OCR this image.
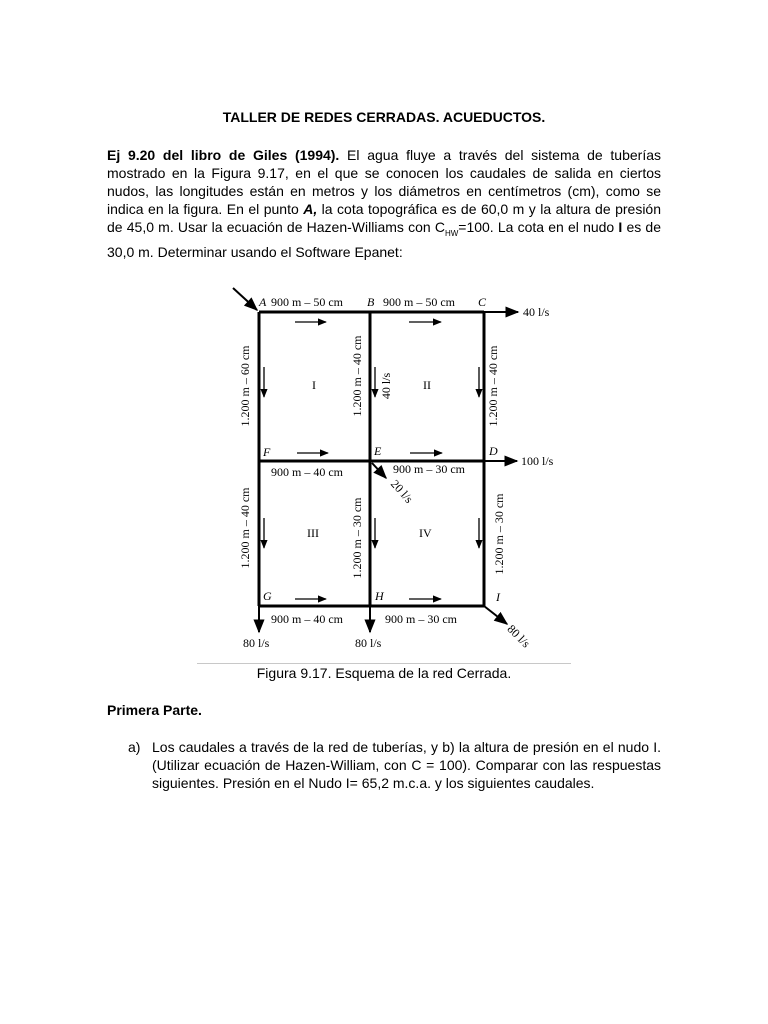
TALLER DE REDES CERRADAS. ACUEDUCTOS.
Ej 9.20 del libro de Giles (1994). El agua fluye a través del sistema de tuberías mostrado en la Figura 9.17, en el que se conocen los caudales de salida en ciertos nudos, las longitudes están en metros y los diámetros en centímetros (cm), como se indica en la figura. En el punto A, la cota topográfica es de 60,0 m y la altura de presión de 45,0 m. Usar la ecuación de Hazen-Williams con $C_{HW}=100$. La cota en el nudo I es de 30,0 m. Determinar usando el Software Epanet:
A	B	C
F	E	D
G	H	I
900 m – 50 cm	900 m – 50 cm
900 m – 40 cm	900 m – 30 cm
900 m – 40 cm	900 m – 30 cm
1.200 m – 60 cm	1.200 m – 40 cm	1.200 m – 40 cm
1.200 m – 40 cm	1.200 m – 30 cm	1.200 m – 30 cm
I	II
III	IV
40 l/s
100 l/s
40 l/s
20 l/s
80 l/s	80 l/s	80 l/s
Figura 9.17. Esquema de la red Cerrada.
Primera Parte.
a) Los caudales a través de la red de tuberías, y b) la altura de presión en el nudo I. (Utilizar ecuación de Hazen-William, con C = 100). Comparar con las respuestas siguientes. Presión en el Nudo I= 65,2 m.c.a. y los siguientes caudales.
